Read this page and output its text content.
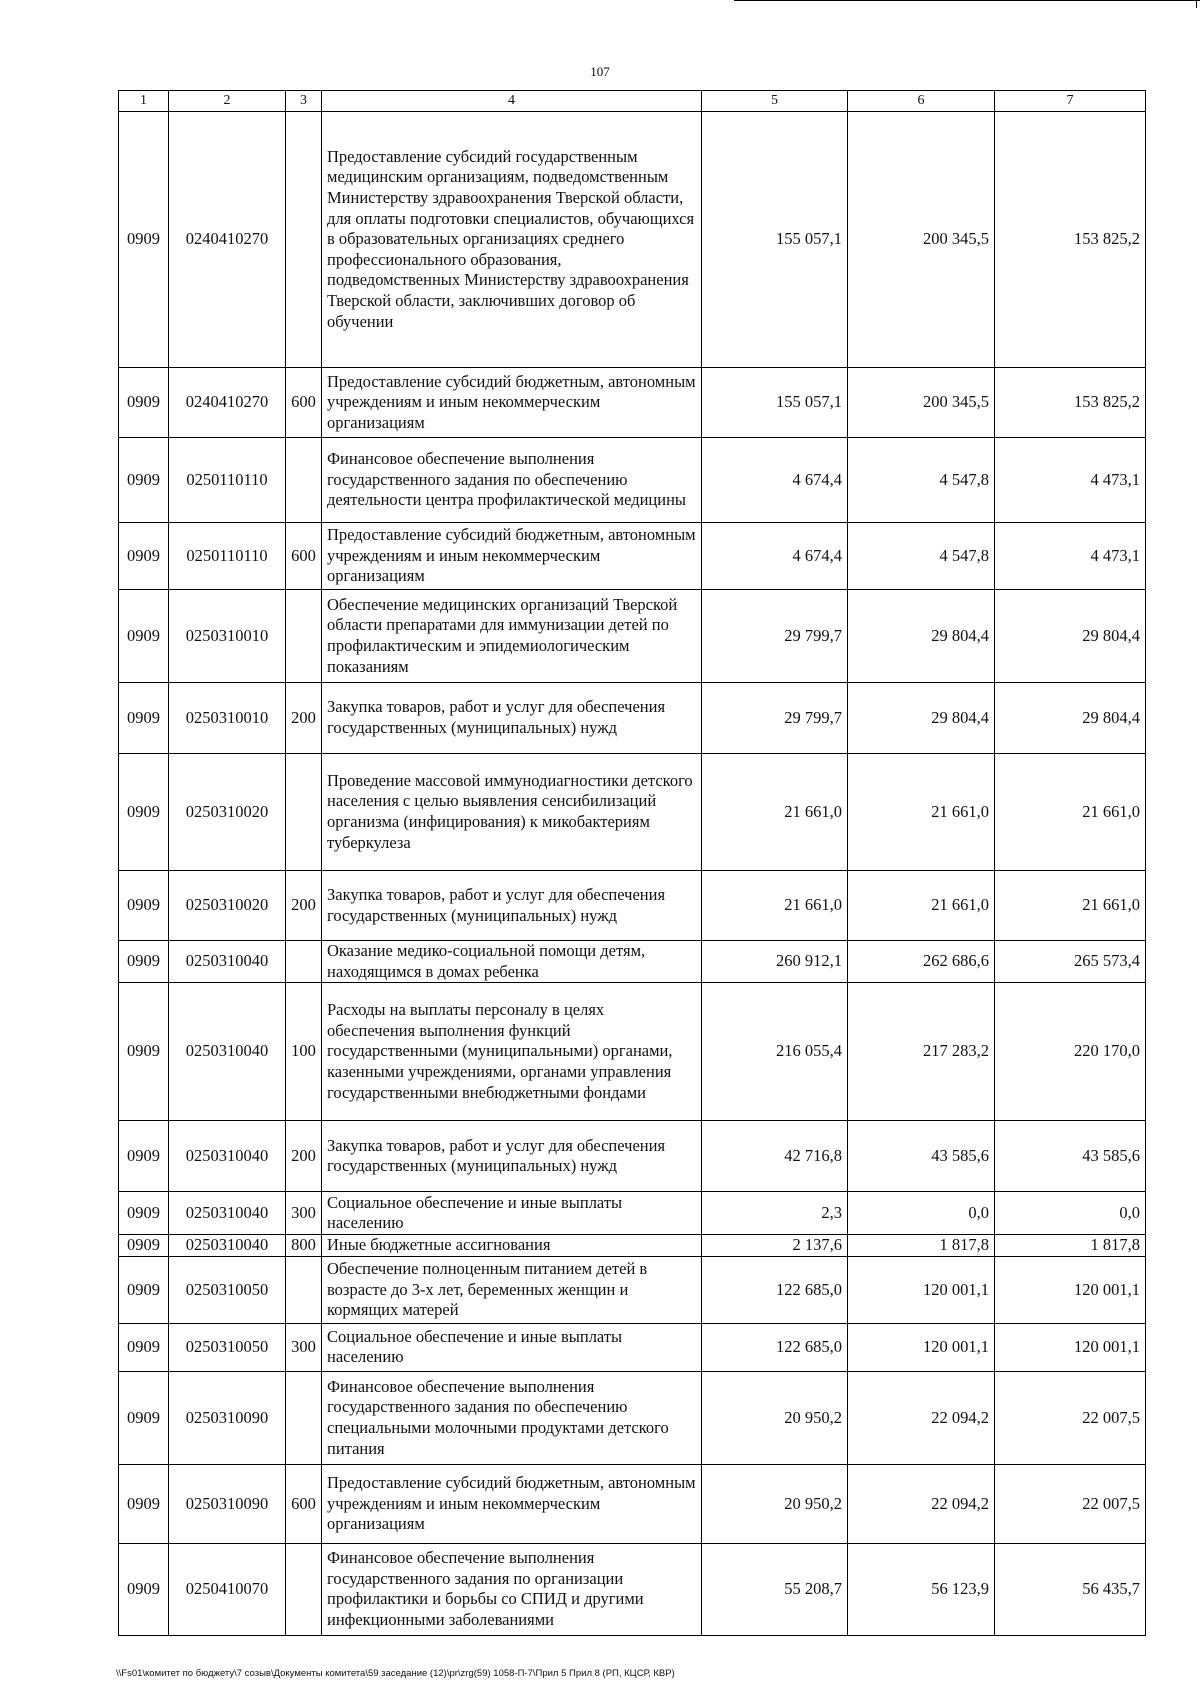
107
1	2	3	4	5	6	7
0909	0240410270		Предоставление субсидий государственным медицинским организациям, подведомственным Министерству здравоохранения Тверской области, для оплаты подготовки специалистов, обучающихся в образовательных организациях среднего профессионального образования, подведомственных Министерству здравоохранения Тверской области, заключивших договор об обучении	155 057,1	200 345,5	153 825,2
0909	0240410270	600	Предоставление субсидий бюджетным, автономным учреждениям и иным некоммерческим организациям	155 057,1	200 345,5	153 825,2
0909	0250110110		Финансовое обеспечение выполнения государственного задания по обеспечению деятельности центра профилактической медицины	4 674,4	4 547,8	4 473,1
0909	0250110110	600	Предоставление субсидий бюджетным, автономным учреждениям и иным некоммерческим организациям	4 674,4	4 547,8	4 473,1
0909	0250310010		Обеспечение медицинских организаций Тверской области препаратами для иммунизации детей по профилактическим и эпидемиологическим показаниям	29 799,7	29 804,4	29 804,4
0909	0250310010	200	Закупка товаров, работ и услуг для обеспечения государственных (муниципальных) нужд	29 799,7	29 804,4	29 804,4
0909	0250310020		Проведение массовой иммунодиагностики детского населения с целью выявления сенсибилизаций организма (инфицирования) к микобактериям туберкулеза	21 661,0	21 661,0	21 661,0
0909	0250310020	200	Закупка товаров, работ и услуг для обеспечения государственных (муниципальных) нужд	21 661,0	21 661,0	21 661,0
0909	0250310040		Оказание медико-социальной помощи детям, находящимся в домах ребенка	260 912,1	262 686,6	265 573,4
0909	0250310040	100	Расходы на выплаты персоналу в целях обеспечения выполнения функций государственными (муниципальными) органами, казенными учреждениями, органами управления государственными внебюджетными фондами	216 055,4	217 283,2	220 170,0
0909	0250310040	200	Закупка товаров, работ и услуг для обеспечения государственных (муниципальных) нужд	42 716,8	43 585,6	43 585,6
0909	0250310040	300	Социальное обеспечение и иные выплаты населению	2,3	0,0	0,0
0909	0250310040	800	Иные бюджетные ассигнования	2 137,6	1 817,8	1 817,8
0909	0250310050		Обеспечение полноценным питанием детей в возрасте до 3-х лет, беременных женщин и кормящих матерей	122 685,0	120 001,1	120 001,1
0909	0250310050	300	Социальное обеспечение и иные выплаты населению	122 685,0	120 001,1	120 001,1
0909	0250310090		Финансовое обеспечение выполнения государственного задания по обеспечению специальными молочными продуктами детского питания	20 950,2	22 094,2	22 007,5
0909	0250310090	600	Предоставление субсидий бюджетным, автономным учреждениям и иным некоммерческим организациям	20 950,2	22 094,2	22 007,5
0909	0250410070		Финансовое обеспечение выполнения государственного задания по организации профилактики и борьбы со СПИД и другими инфекционными заболеваниями	55 208,7	56 123,9	56 435,7
\\Fs01\комитет по бюджету\7 созыв\Документы комитета\59 заседание (12)\pr\zrg(59) 1058-П-7\Прил 5 Прил 8 (РП, КЦСР, КВР)
